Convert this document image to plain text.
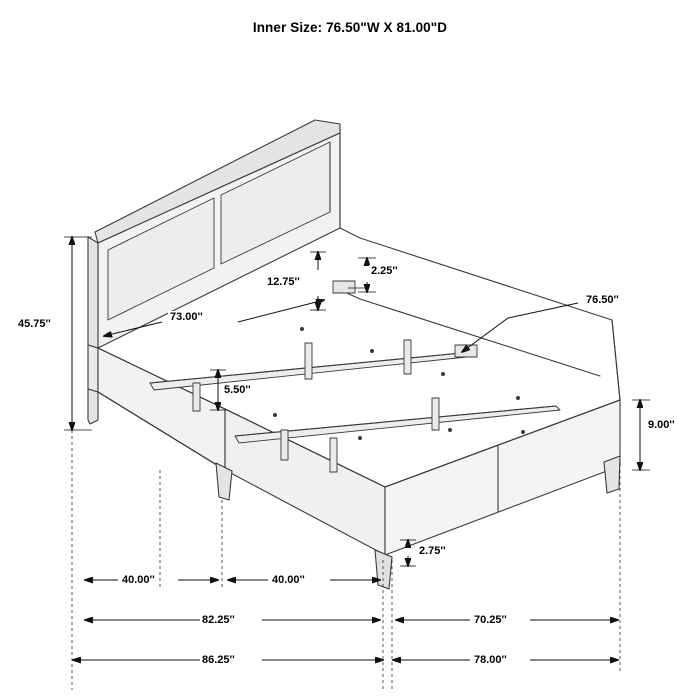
Inner Size: 76.50"W X 81.00"D
45.75''
73.00''
12.75''
2.25''
76.50''
5.50''
9.00''
2.75''
40.00''	40.00''
82.25''	70.25''
86.25''	78.00''
